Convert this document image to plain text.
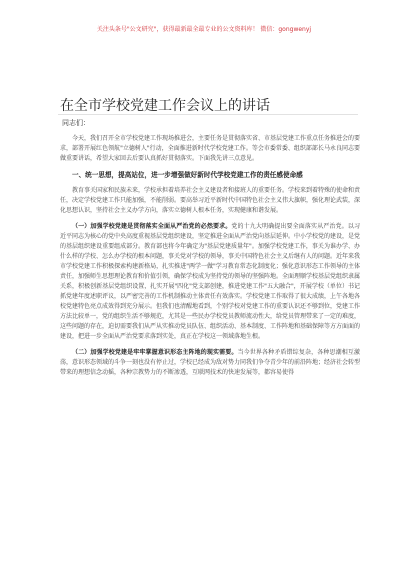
关注头条号"公文研究"，获得最新最全最专业的公文资料库！ 微信：gongwenyj
在全市学校党建工作会议上的讲话
同志们：

今天，我们召开全市学校党建工作现场推进会，主要任务是贯彻落实省、市基层党建工作重点任务推进会的要求，部署开展红色领航"立德树人"行动，全面推进新时代学校党建工作。等会市委常委、组织部部长马永良同志要做重要讲话，希望大家回去后要认真抓好贯彻落实。下面我先讲三点意见。

一、统一思想，提高站位，进一步增强做好新时代学校党建工作的责任感使命感

教育事关国家和民族未来，学校承担着培养社会主义建设者和接班人的重要任务。学校来到着特殊的使命和责任，决定学校党建工作只能加强，不能削弱。要高举习近平新时代中国特色社会主义伟大旗帜，强化理论武装，深化思想认识，坚持社会主义办学方向，落实立德树人根本任务，实现健康和谐发展。

（一）加强学校党建是贯彻落实全面从严治党的必然要求。党的十九大明确提出要全面落实从严治党。以习近平同志为核心的党中央高度重视基层党组织建设，坚定推进全面从严治党向基层延伸。中小学校党的建设，是党的基层组织建设重要组成部分。教育部也将今年确定为"基层党建质量年"。加强学校党建工作，事关为谁办学、办什么样的学校、怎么办学校的根本问题，事关党对学校的领导，事关中国特色社会主义后继有人的问题。近年来我市学校党建工作积极探索构建新格局，扎实推进"两学一做"学习教育常态化制度化；强化意识形态工作领导的主体责任，加强师生思想理论教育和价值引领，确保学校成为坚持党的领导的坚强阵地。全面理顺学校基层党组织隶属关系，积极创新基层党组织设置，扎实开展"四化"党支部创建，推进党建工作"五大融合"，开展学校（单位）书记抓党建年度述职评议，以严密完善的工作机制推动主体责任有效落实。学校党建工作取得了很大成绩，上午各地各校党建特色亮点成效得到充分展示。但我们也清醒地看到，个别学校对党建工作的重要认识还不够到位，党建工作方法比较单一，党的组织生活不够规范，尤其是一些民办学校党员教师流动性大，给党员管理带来了一定的难度，这些问题的存在，迫切需要我们从严从实推动党员队伍、组织活动、基本制度、工作阵地和基础保障等方方面面的建设，把进一步全面从严治党要求落到实处，真正在学校这一领域落地生根。

（二）加强学校党建是牢牢掌握意识形态主阵地的现实需要。当今世界各种矛盾错综复杂，各种思潮相互激荡，意识形态领域的斗争一刻也没有停止过，学校已经成为敌对势力同我们争夺青少年的前沿阵地；经济社会转型带来的理想信念动摇，各种宗教势力的不断渗透，互联网技术的快速发展等，都容易使得
